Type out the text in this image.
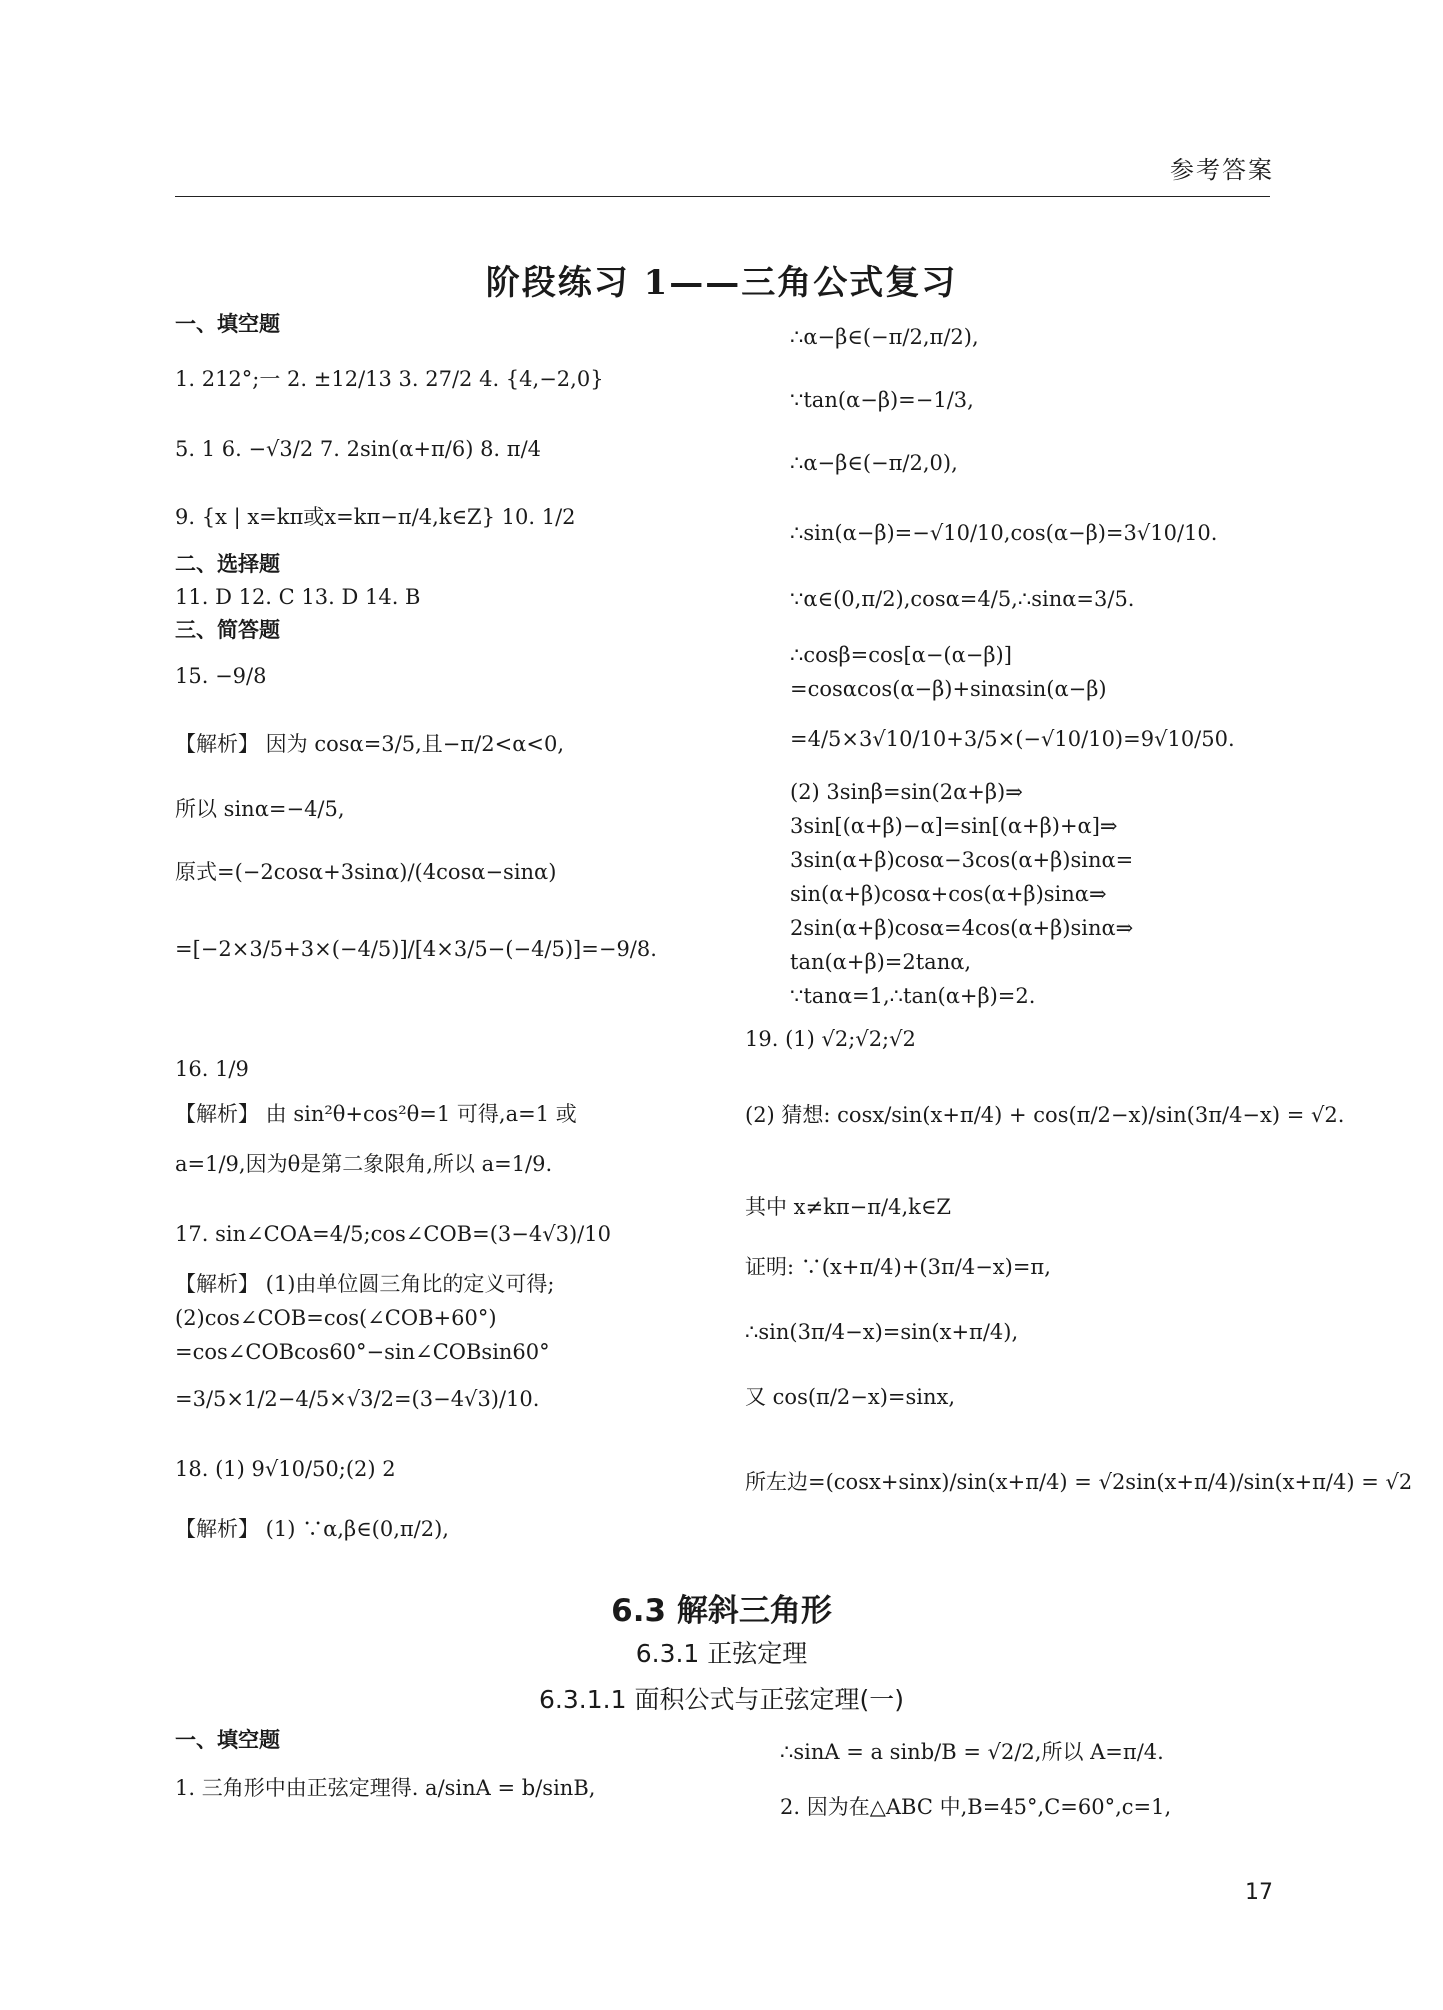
参考答案
阶段练习 1——三角公式复习
一、填空题
1. 212°;一 2. ±12/13 3. 27/2 4. {4,−2,0}
5. 1 6. −√3/2 7. 2sin(α+π/6) 8. π/4
9. {x | x=kπ或x=kπ−π/4,k∈Z} 10. 1/2
二、选择题
11. D 12. C 13. D 14. B
三、简答题
15. −9/8
【解析】 因为 cosα=3/5,且−π/2<α<0,
所以 sinα=−4/5,
原式=(−2cosα+3sinα)/(4cosα−sinα)
=[−2×3/5+3×(−4/5)]/[4×3/5−(−4/5)]=−9/8.
16. 1/9
【解析】 由 sin²θ+cos²θ=1 可得,a=1 或
a=1/9,因为θ是第二象限角,所以 a=1/9.
17. sin∠COA=4/5;cos∠COB=(3−4√3)/10
【解析】 (1)由单位圆三角比的定义可得;
(2)cos∠COB=cos(∠COB+60°)
=cos∠COBcos60°−sin∠COBsin60°
=3/5×1/2−4/5×√3/2=(3−4√3)/10.
18. (1) 9√10/50;(2) 2
【解析】 (1) ∵α,β∈(0,π/2),
∴α−β∈(−π/2,π/2),
∵tan(α−β)=−1/3,
∴α−β∈(−π/2,0),
∴sin(α−β)=−√10/10,cos(α−β)=3√10/10.
∵α∈(0,π/2),cosα=4/5,∴sinα=3/5.
∴cosβ=cos[α−(α−β)]
=cosαcos(α−β)+sinαsin(α−β)
=4/5×3√10/10+3/5×(−√10/10)=9√10/50.
(2) 3sinβ=sin(2α+β)⇒
3sin[(α+β)−α]=sin[(α+β)+α]⇒
3sin(α+β)cosα−3cos(α+β)sinα=
sin(α+β)cosα+cos(α+β)sinα⇒
2sin(α+β)cosα=4cos(α+β)sinα⇒
tan(α+β)=2tanα,
∵tanα=1,∴tan(α+β)=2.
19. (1) √2;√2;√2
(2) 猜想: cosx/sin(x+π/4) + cos(π/2−x)/sin(3π/4−x) = √2.
其中 x≠kπ−π/4,k∈Z
证明: ∵(x+π/4)+(3π/4−x)=π,
∴sin(3π/4−x)=sin(x+π/4),
又 cos(π/2−x)=sinx,
所左边=(cosx+sinx)/sin(x+π/4) = √2sin(x+π/4)/sin(x+π/4) = √2
6.3 解斜三角形
6.3.1 正弦定理
6.3.1.1 面积公式与正弦定理(一)
一、填空题
1. 三角形中由正弦定理得. a/sinA = b/sinB,
∴sinA = a sinb/B = √2/2,所以 A=π/4.
2. 因为在△ABC 中,B=45°,C=60°,c=1,
17
